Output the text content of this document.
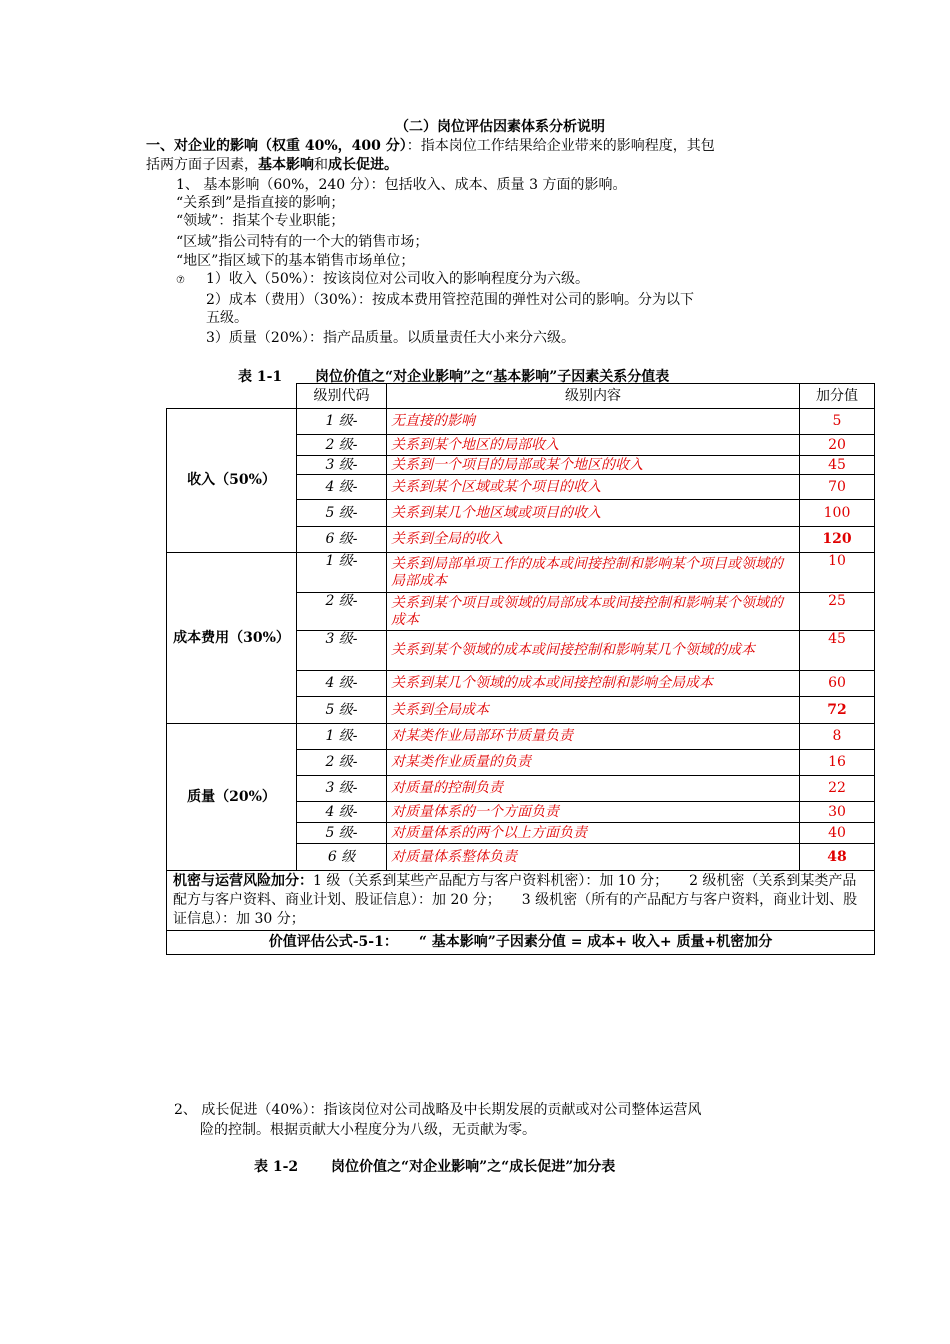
（二）岗位评估因素体系分析说明
一、对企业的影响（权重 40%，400 分）：指本岗位工作结果给企业带来的影响程度，其包
括两方面子因素，基本影响和成长促进。
1、 基本影响（60%，240 分）：包括收入、成本、质量 3 方面的影响。
“关系到”是指直接的影响；
“领域”：指某个专业职能；
“区域”指公司特有的一个大的销售市场；
“地区”指区域下的基本销售市场单位；
⑦ 1）收入（50%）：按该岗位对公司收入的影响程度分为六级。
2）成本（费用）（30%）：按成本费用管控范围的弹性对公司的影响。分为以下
五级。
3）质量（20%）：指产品质量。以质量责任大小来分六级。
表 1-1 　　岗位价值之“对企业影响”之“基本影响”子因素关系分值表
	级别代码	级别内容	加分值
收入（50%）	1 级-	无直接的影响	5
	2 级-	关系到某个地区的局部收入	20
	3 级-	关系到一个项目的局部或某个地区的收入	45
	4 级-	关系到某个区域或某个项目的收入	70
	5 级-	关系到某几个地区域或项目的收入	100
	6 级-	关系到全局的收入	120
成本费用（30%）	1 级-	关系到局部单项工作的成本或间接控制和影响某个项目或领域的局部成本	10
	2 级-	关系到某个项目或领域的局部成本或间接控制和影响某个领域的成本	25
	3 级-	关系到某个领域的成本或间接控制和影响某几个领域的成本	45
	4 级-	关系到某几个领域的成本或间接控制和影响全局成本	60
	5 级-	关系到全局成本	72
质量（20%）	1 级-	对某类作业局部环节质量负责	8
	2 级-	对某类作业质量的负责	16
	3 级-	对质量的控制负责	22
	4 级-	对质量体系的一个方面负责	30
	5 级-	对质量体系的两个以上方面负责	40
	6 级	对质量体系整体负责	48
机密与运营风险加分：1 级（关系到某些产品配方与客户资料机密）：加 10 分；　　2 级机密（关系到某类产品配方与客户资料、商业计划、股证信息）：加 20 分；　　3 级机密（所有的产品配方与客户资料，商业计划、股证信息）：加 30 分；			
价值评估公式-5-1：　　“ 基本影响”子因素分值 = 成本+ 收入+ 质量+机密加分			
2、 成长促进（40%）：指该岗位对公司战略及中长期发展的贡献或对公司整体运营风
险的控制。根据贡献大小程度分为八级，无贡献为零。
表 1-2 　　岗位价值之“对企业影响”之“成长促进”加分表
